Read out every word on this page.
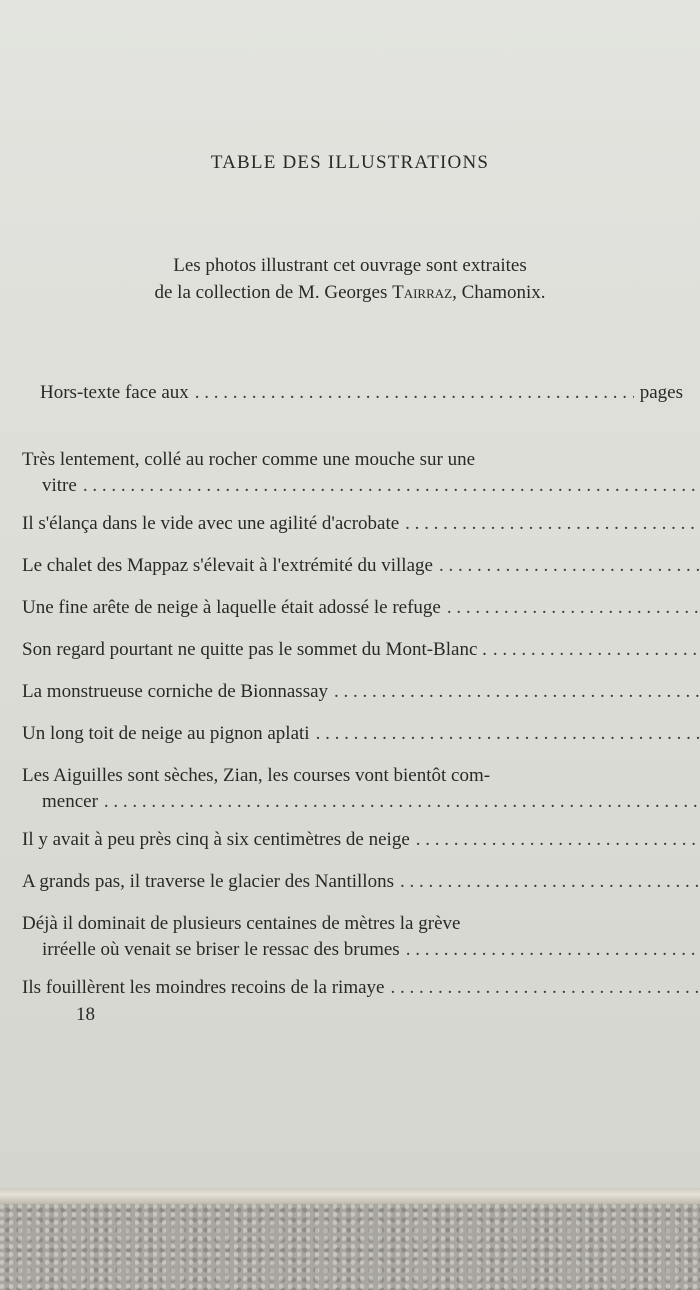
TABLE DES ILLUSTRATIONS
Les photos illustrant cet ouvrage sont extraites
de la collection de M. Georges Tairraz, Chamonix.
Hors-texte face aux
. . .	pages
Très lentement, collé au rocher comme une mouche sur une
vitre
. . .
Il s'élança dans le vide avec une agilité d'acrobate
. . .
Le chalet des Mappaz s'élevait à l'extrémité du village
. . .
Une fine arête de neige à laquelle était adossé le refuge
. . .
Son regard pourtant ne quitte pas le sommet du Mont-Blanc .
. . .
La monstrueuse corniche de Bionnassay
. . .
Un long toit de neige au pignon aplati
. . .
Les Aiguilles sont sèches, Zian, les courses vont bientôt com-
mencer
. . .
Il y avait à peu près cinq à six centimètres de neige
. . .
A grands pas, il traverse le glacier des Nantillons
. . .
Déjà il dominait de plusieurs centaines de mètres la grève
irréelle où venait se briser le ressac des brumes
. . .
Ils fouillèrent les moindres recoins de la rimaye
. . .
18
